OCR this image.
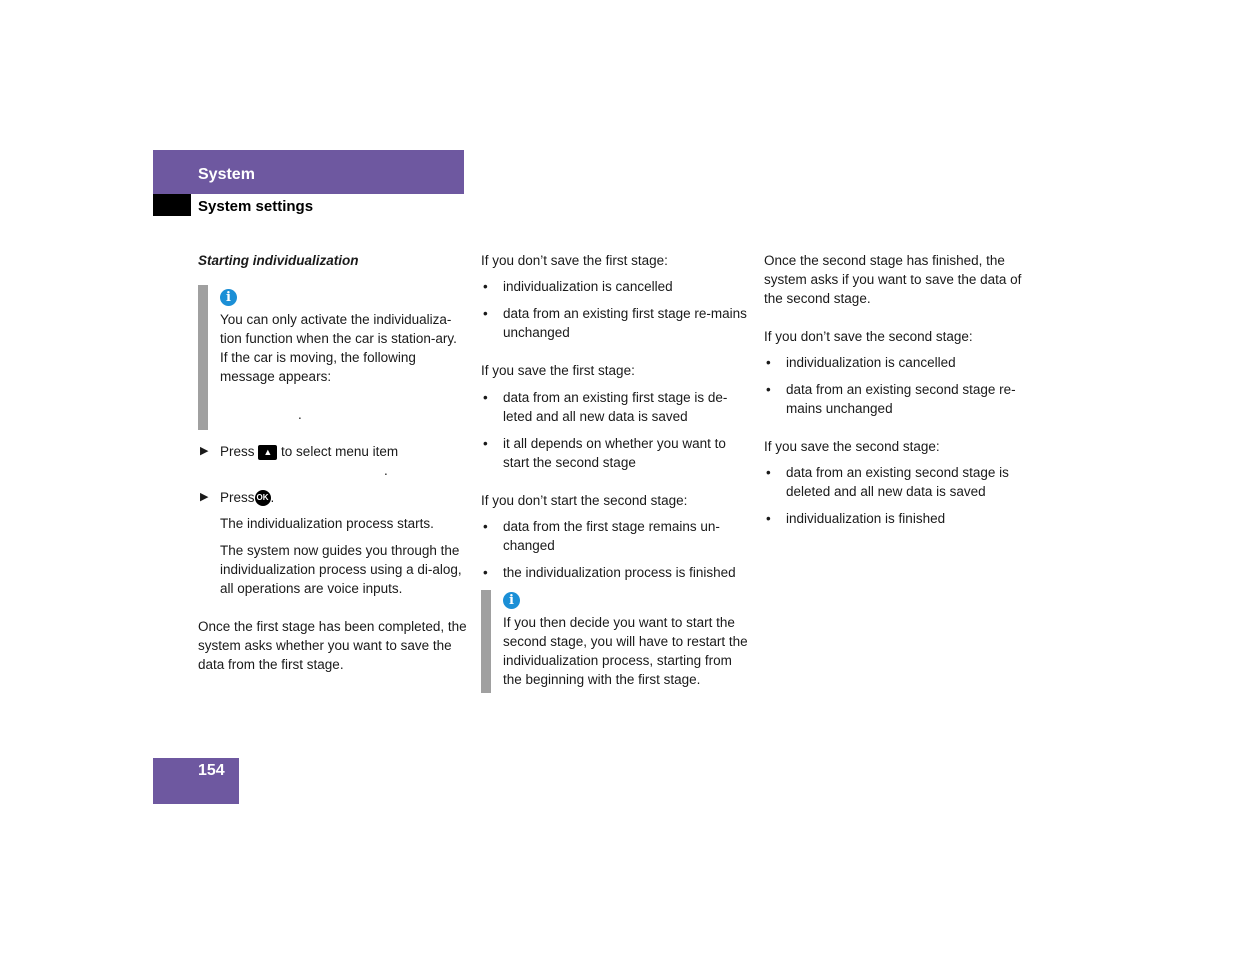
System
System settings

Starting individualization

i

You can only activate the individualiza-tion function when the car is station-ary. If the car is moving, the following message appears:

.

▶ Press ▲ to select menu item

.

▶ Press OK .

The individualization process starts.

The system now guides you through the individualization process using a di-alog, all operations are voice inputs.

Once the first stage has been completed, the system asks whether you want to save the data from the first stage.

If you don’t save the first stage:

• individualization is cancelled
• data from an existing first stage re-mains unchanged

If you save the first stage:

• data from an existing first stage is de-leted and all new data is saved
• it all depends on whether you want to start the second stage

If you don’t start the second stage:

• data from the first stage remains un-changed
• the individualization process is finished
i

If you then decide you want to start the second stage, you will have to restart the individualization process, starting from the beginning with the first stage.

Once the second stage has finished, the system asks if you want to save the data of the second stage.

If you don’t save the second stage:

• individualization is cancelled
• data from an existing second stage re-mains unchanged

If you save the second stage:

• data from an existing second stage is deleted and all new data is saved
• individualization is finished
154
